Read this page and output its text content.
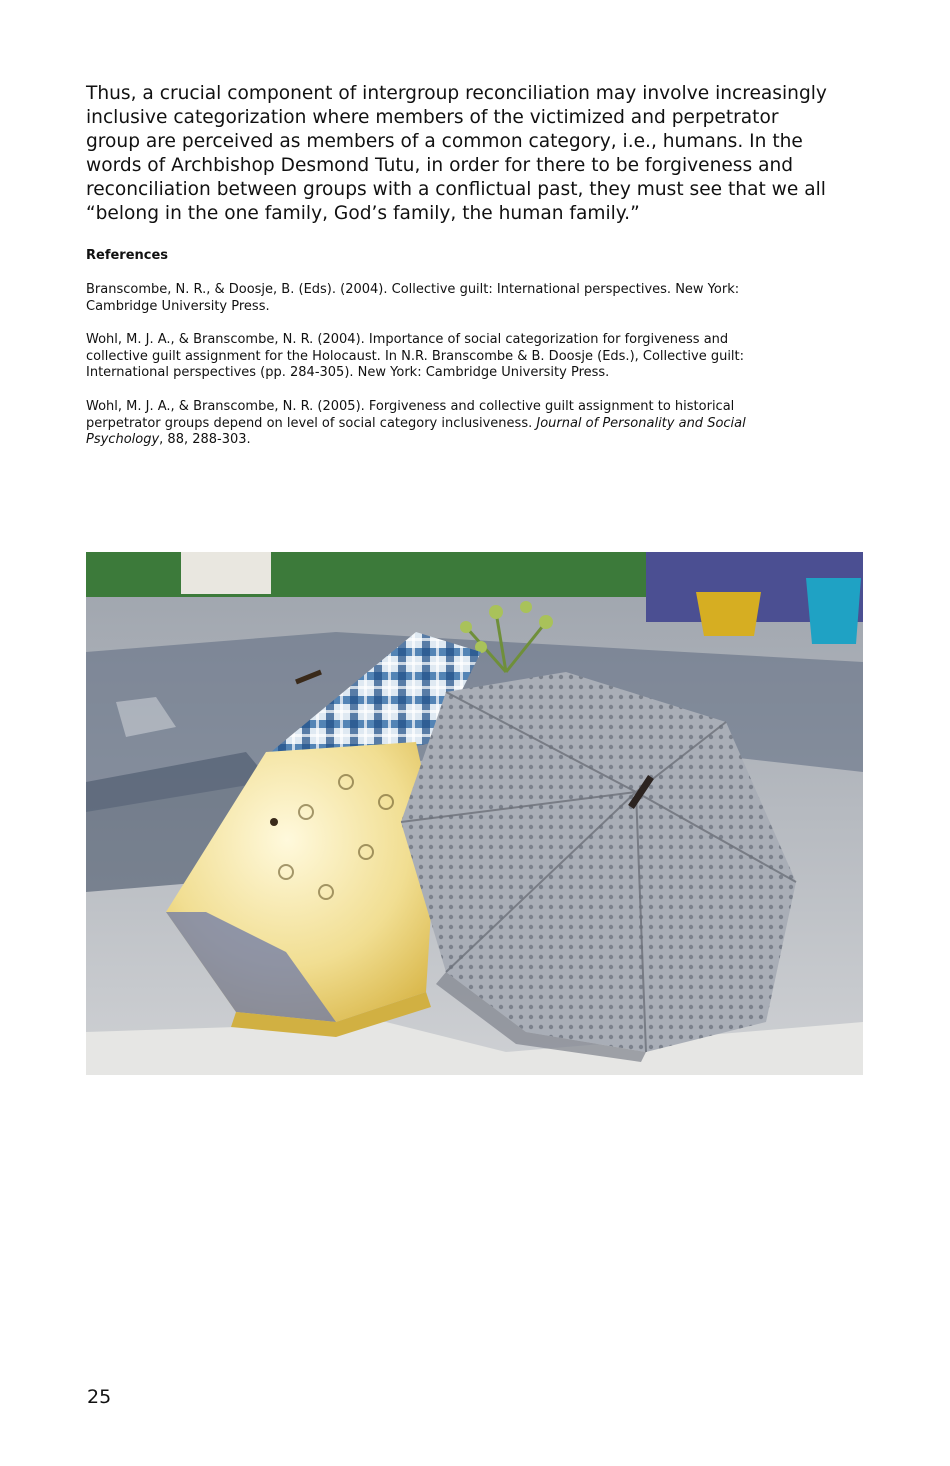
Thus, a crucial component of intergroup reconciliation may involve increasingly
inclusive categorization where members of the victimized and perpetrator
group are perceived as members of a common category, i.e., humans. In the
words of Archbishop Desmond Tutu, in order for there to be forgiveness and
reconciliation between groups with a conflictual past, they must see that we all
“belong in the one family, God’s family, the human family.”

References

Branscombe, N. R., & Doosje, B. (Eds). (2004). Collective guilt: International perspectives. New York:
Cambridge University Press.

Wohl, M. J. A., & Branscombe, N. R. (2004). Importance of social categorization for forgiveness and
collective guilt assignment for the Holocaust. In N.R. Branscombe & B. Doosje (Eds.), Collective guilt:
International perspectives (pp. 284-305). New York: Cambridge University Press.

Wohl, M. J. A., & Branscombe, N. R. (2005). Forgiveness and collective guilt assignment to historical
perpetrator groups depend on level of social category inclusiveness. Journal of Personality and Social
Psychology, 88, 288-303.

25
